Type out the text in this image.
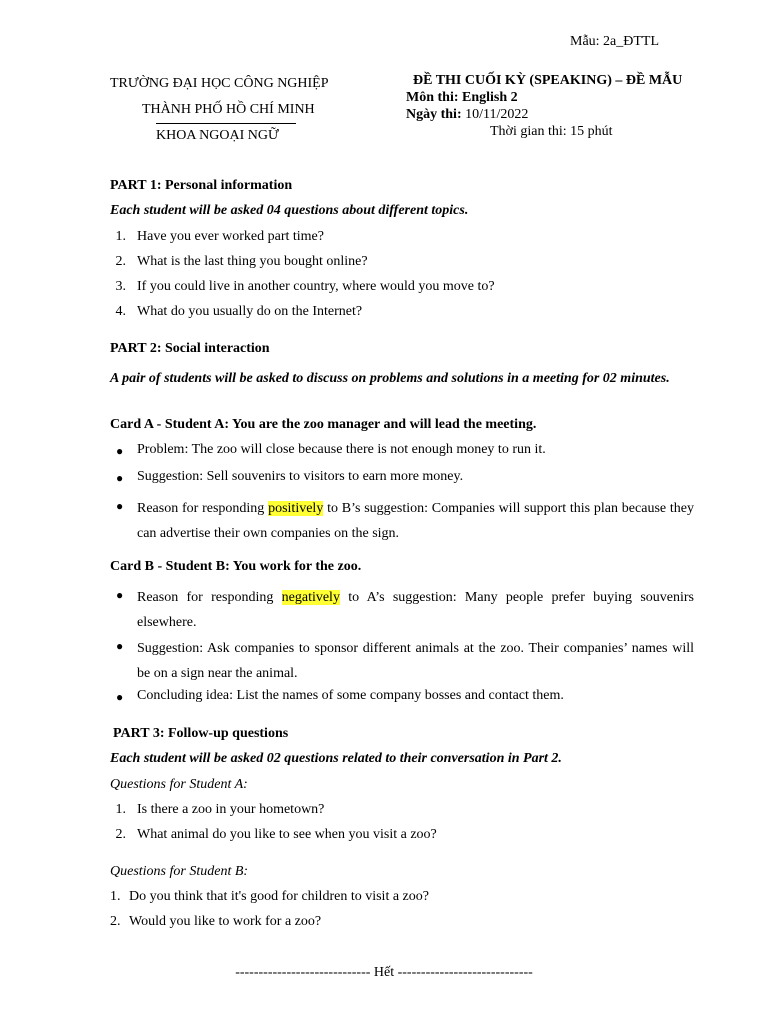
Mẫu: 2a_ĐTTL
TRƯỜNG ĐẠI HỌC CÔNG NGHIỆP
THÀNH PHỐ HỒ CHÍ MINH
KHOA NGOẠI NGỮ
ĐỀ THI CUỐI KỲ (SPEAKING) – ĐỀ MẪU
Môn thi: English 2
Ngày thi: 10/11/2022
Thời gian thi: 15 phút
PART 1: Personal information
Each student will be asked 04 questions about different topics.
1. Have you ever worked part time?
2. What is the last thing you bought online?
3. If you could live in another country, where would you move to?
4. What do you usually do on the Internet?
PART 2: Social interaction
A pair of students will be asked to discuss on problems and solutions in a meeting for 02 minutes.
Card A - Student A: You are the zoo manager and will lead the meeting.
● Problem: The zoo will close because there is not enough money to run it.
● Suggestion: Sell souvenirs to visitors to earn more money.
● Reason for responding positively to B’s suggestion: Companies will support this plan because they can advertise their own companies on the sign.
Card B - Student B: You work for the zoo.
● Reason for responding negatively to A’s suggestion: Many people prefer buying souvenirs elsewhere.
● Suggestion: Ask companies to sponsor different animals at the zoo. Their companies’ names will be on a sign near the animal.
● Concluding idea: List the names of some company bosses and contact them.
PART 3: Follow-up questions
Each student will be asked 02 questions related to their conversation in Part 2.
Questions for Student A:
1. Is there a zoo in your hometown?
2. What animal do you like to see when you visit a zoo?
Questions for Student B:
1. Do you think that it's good for children to visit a zoo?
2. Would you like to work for a zoo?
----------------------------- Hết -----------------------------
